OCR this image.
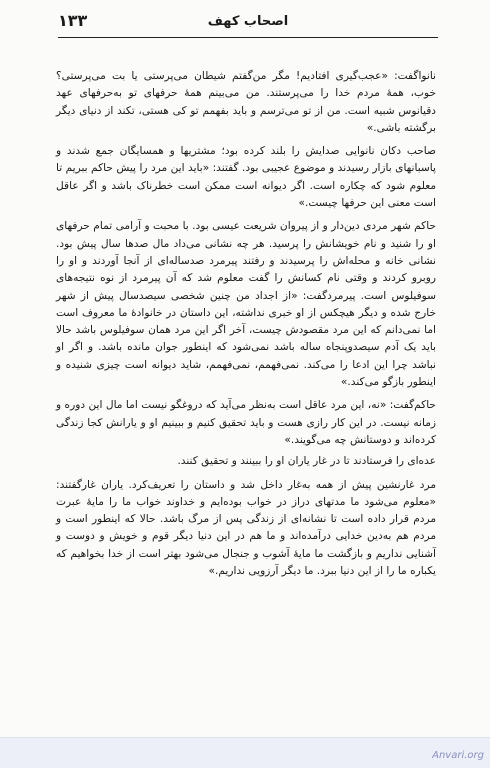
۱۳۳	اصحاب کهف

نانواگفت: «عجب‌گیری افتادیم! مگر من‌گفتم شیطان می‌پرستی یا بت می‌پرستی؟ خوب، همهٔ مردم خدا را می‌پرستند. من می‌بینم همهٔ حرفهای تو به‌حرفهای عهد دقیانوس شبیه است. من از تو می‌ترسم و باید بفهمم تو کی هستی، تکند از دنیای دیگر برگشته باشی.»

صاحب دکان نانوایی صدایش را بلند کرده بود؛ مشتریها و همسایگان جمع شدند و پاسبانهای بازار رسیدند و موضوع عجیبی بود. گفتند: «باید این مرد را پیش حاکم ببریم تا معلوم شود که چکاره است. اگر دیوانه است ممکن است خطرناک باشد و اگر عاقل است معنی این حرفها چیست.»

حاکم شهر مردی دین‌دار و از پیروان شریعت عیسی بود. با محبت و آرامی تمام حرفهای او را شنید و نام خویشانش را پرسید. هر چه نشانی می‌داد مال صدها سال پیش بود. نشانی خانه و محله‌اش را پرسیدند و رفتند پیرمرد صدساله‌ای از آنجا آوردند و او را روبرو کردند و وقتی نام کسانش را گفت معلوم شد که آن پیرمرد از نوه نتیجه‌های سوفیلوس است. پیرمردگفت: «از اجداد من چنین شخصی سیصدسال پیش از شهر خارج شده و دیگر هیچکس از او خبری نداشته، این داستان در خانوادهٔ ما معروف است اما نمی‌دانم که این مرد مقصودش چیست، آخر اگر این مرد همان سوفیلوس باشد حالا باید یک آدم سیصدوپنجاه ساله باشد نمی‌شود که اینطور جوان مانده باشد. و اگر او نباشد چرا این ادعا را می‌کند. نمی‌فهمم، نمی‌فهمم، شاید دیوانه است چیزی شنیده و اینطور بازگو می‌کند.»

حاکم‌گفت: «نه، این مرد عاقل است به‌نظر می‌آید که دروغگو نیست اما مال این دوره و زمانه نیست. در این کار رازی هست و باید تحقیق کنیم و ببینیم او و یارانش کجا زندگی کرده‌اند و دوستانش چه می‌گویند.»

عده‌ای را فرستادند تا در غار یاران او را ببینند و تحقیق کنند.

مرد غارنشین پیش از همه به‌غار داخل شد و داستان را تعریف‌کرد. یاران غارگفتند: «معلوم می‌شود ما مدتهای دراز در خواب بوده‌ایم و خداوند خواب ما را مایهٔ عبرت مردم قرار داده است تا نشانه‌ای از زندگی پس از مرگ باشد. حالا که اینطور است و مردم هم به‌دین خدایی درآمده‌اند و ما هم در این دنیا دیگر قوم و خویش و دوست و آشنایی نداریم و بازگشت ما مایهٔ آشوب و جنجال می‌شود بهتر است از خدا بخواهیم که یکباره ما را از این دنیا ببرد. ما دیگر آرزویی نداریم.»

Anvari.org
